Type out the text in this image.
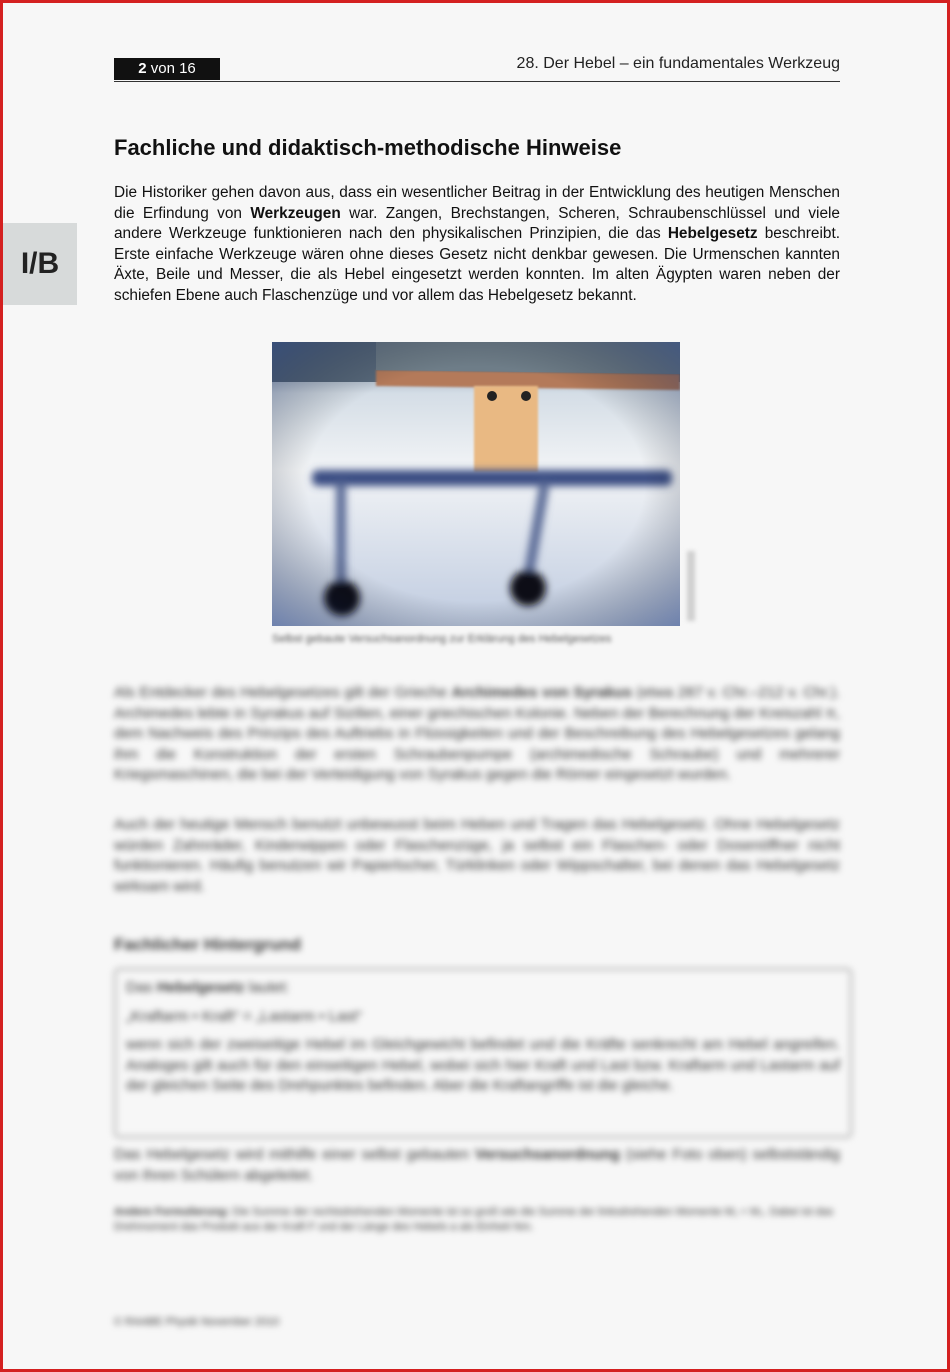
2 von 16	28. Der Hebel – ein fundamentales Werkzeug
I/B
Fachliche und didaktisch-methodische Hinweise
Die Historiker gehen davon aus, dass ein wesentlicher Beitrag in der Entwicklung des heutigen Menschen die Erfindung von Werkzeugen war. Zangen, Brechstangen, Scheren, Schraubenschlüssel und viele andere Werkzeuge funktionieren nach den physikalischen Prinzipien, die das Hebelgesetz beschreibt. Erste einfache Werkzeuge wären ohne dieses Gesetz nicht denkbar gewesen. Die Urmenschen kannten Äxte, Beile und Messer, die als Hebel eingesetzt werden konnten. Im alten Ägypten waren neben der schiefen Ebene auch Flaschenzüge und vor allem das Hebelgesetz bekannt.
Selbst gebaute Versuchsanordnung zur Erklärung des Hebelgesetzes
Als Entdecker des Hebelgesetzes gilt der Grieche Archimedes von Syrakus (etwa 287 v. Chr.–212 v. Chr.). Archimedes lebte in Syrakus auf Sizilien, einer griechischen Kolonie. Neben der Berechnung der Kreiszahl π, dem Nachweis des Prinzips des Auftriebs in Flüssigkeiten und der Beschreibung des Hebelgesetzes gelang ihm die Konstruktion der ersten Schraubenpumpe (archimedische Schraube) und mehrerer Kriegsmaschinen, die bei der Verteidigung von Syrakus gegen die Römer eingesetzt wurden.
Auch der heutige Mensch benutzt unbewusst beim Heben und Tragen das Hebelgesetz. Ohne Hebelgesetz würden Zahnräder, Kinderwippen oder Flaschenzüge, ja selbst ein Flaschen- oder Dosenöffner nicht funktionieren. Häufig benutzen wir Papierlocher, Türklinken oder Wippschalter, bei denen das Hebelgesetz wirksam wird.
Fachlicher Hintergrund
Das Hebelgesetz lautet:
„Kraftarm • Kraft“ = „Lastarm • Last“
wenn sich der zweiseitige Hebel im Gleichgewicht befindet und die Kräfte senkrecht am Hebel angreifen. Analoges gilt auch für den einseitigen Hebel, wobei sich hier Kraft und Last bzw. Kraftarm und Lastarm auf der gleichen Seite des Drehpunktes befinden. Aber die Kraftangriffe ist die gleiche.
Das Hebelgesetz wird mithilfe einer selbst gebauten Versuchsanordnung (siehe Foto oben) selbstständig von Ihren Schülern abgeleitet.
Andere Formulierung: Die Summe der rechtsdrehenden Momente ist so groß wie die Summe der linksdrehenden Momente M₁ = M₂. Dabei ist das Drehmoment das Produkt aus der Kraft F und der Länge des Hebels a als Einheit Nm.
© RAABE Physik November 2010
